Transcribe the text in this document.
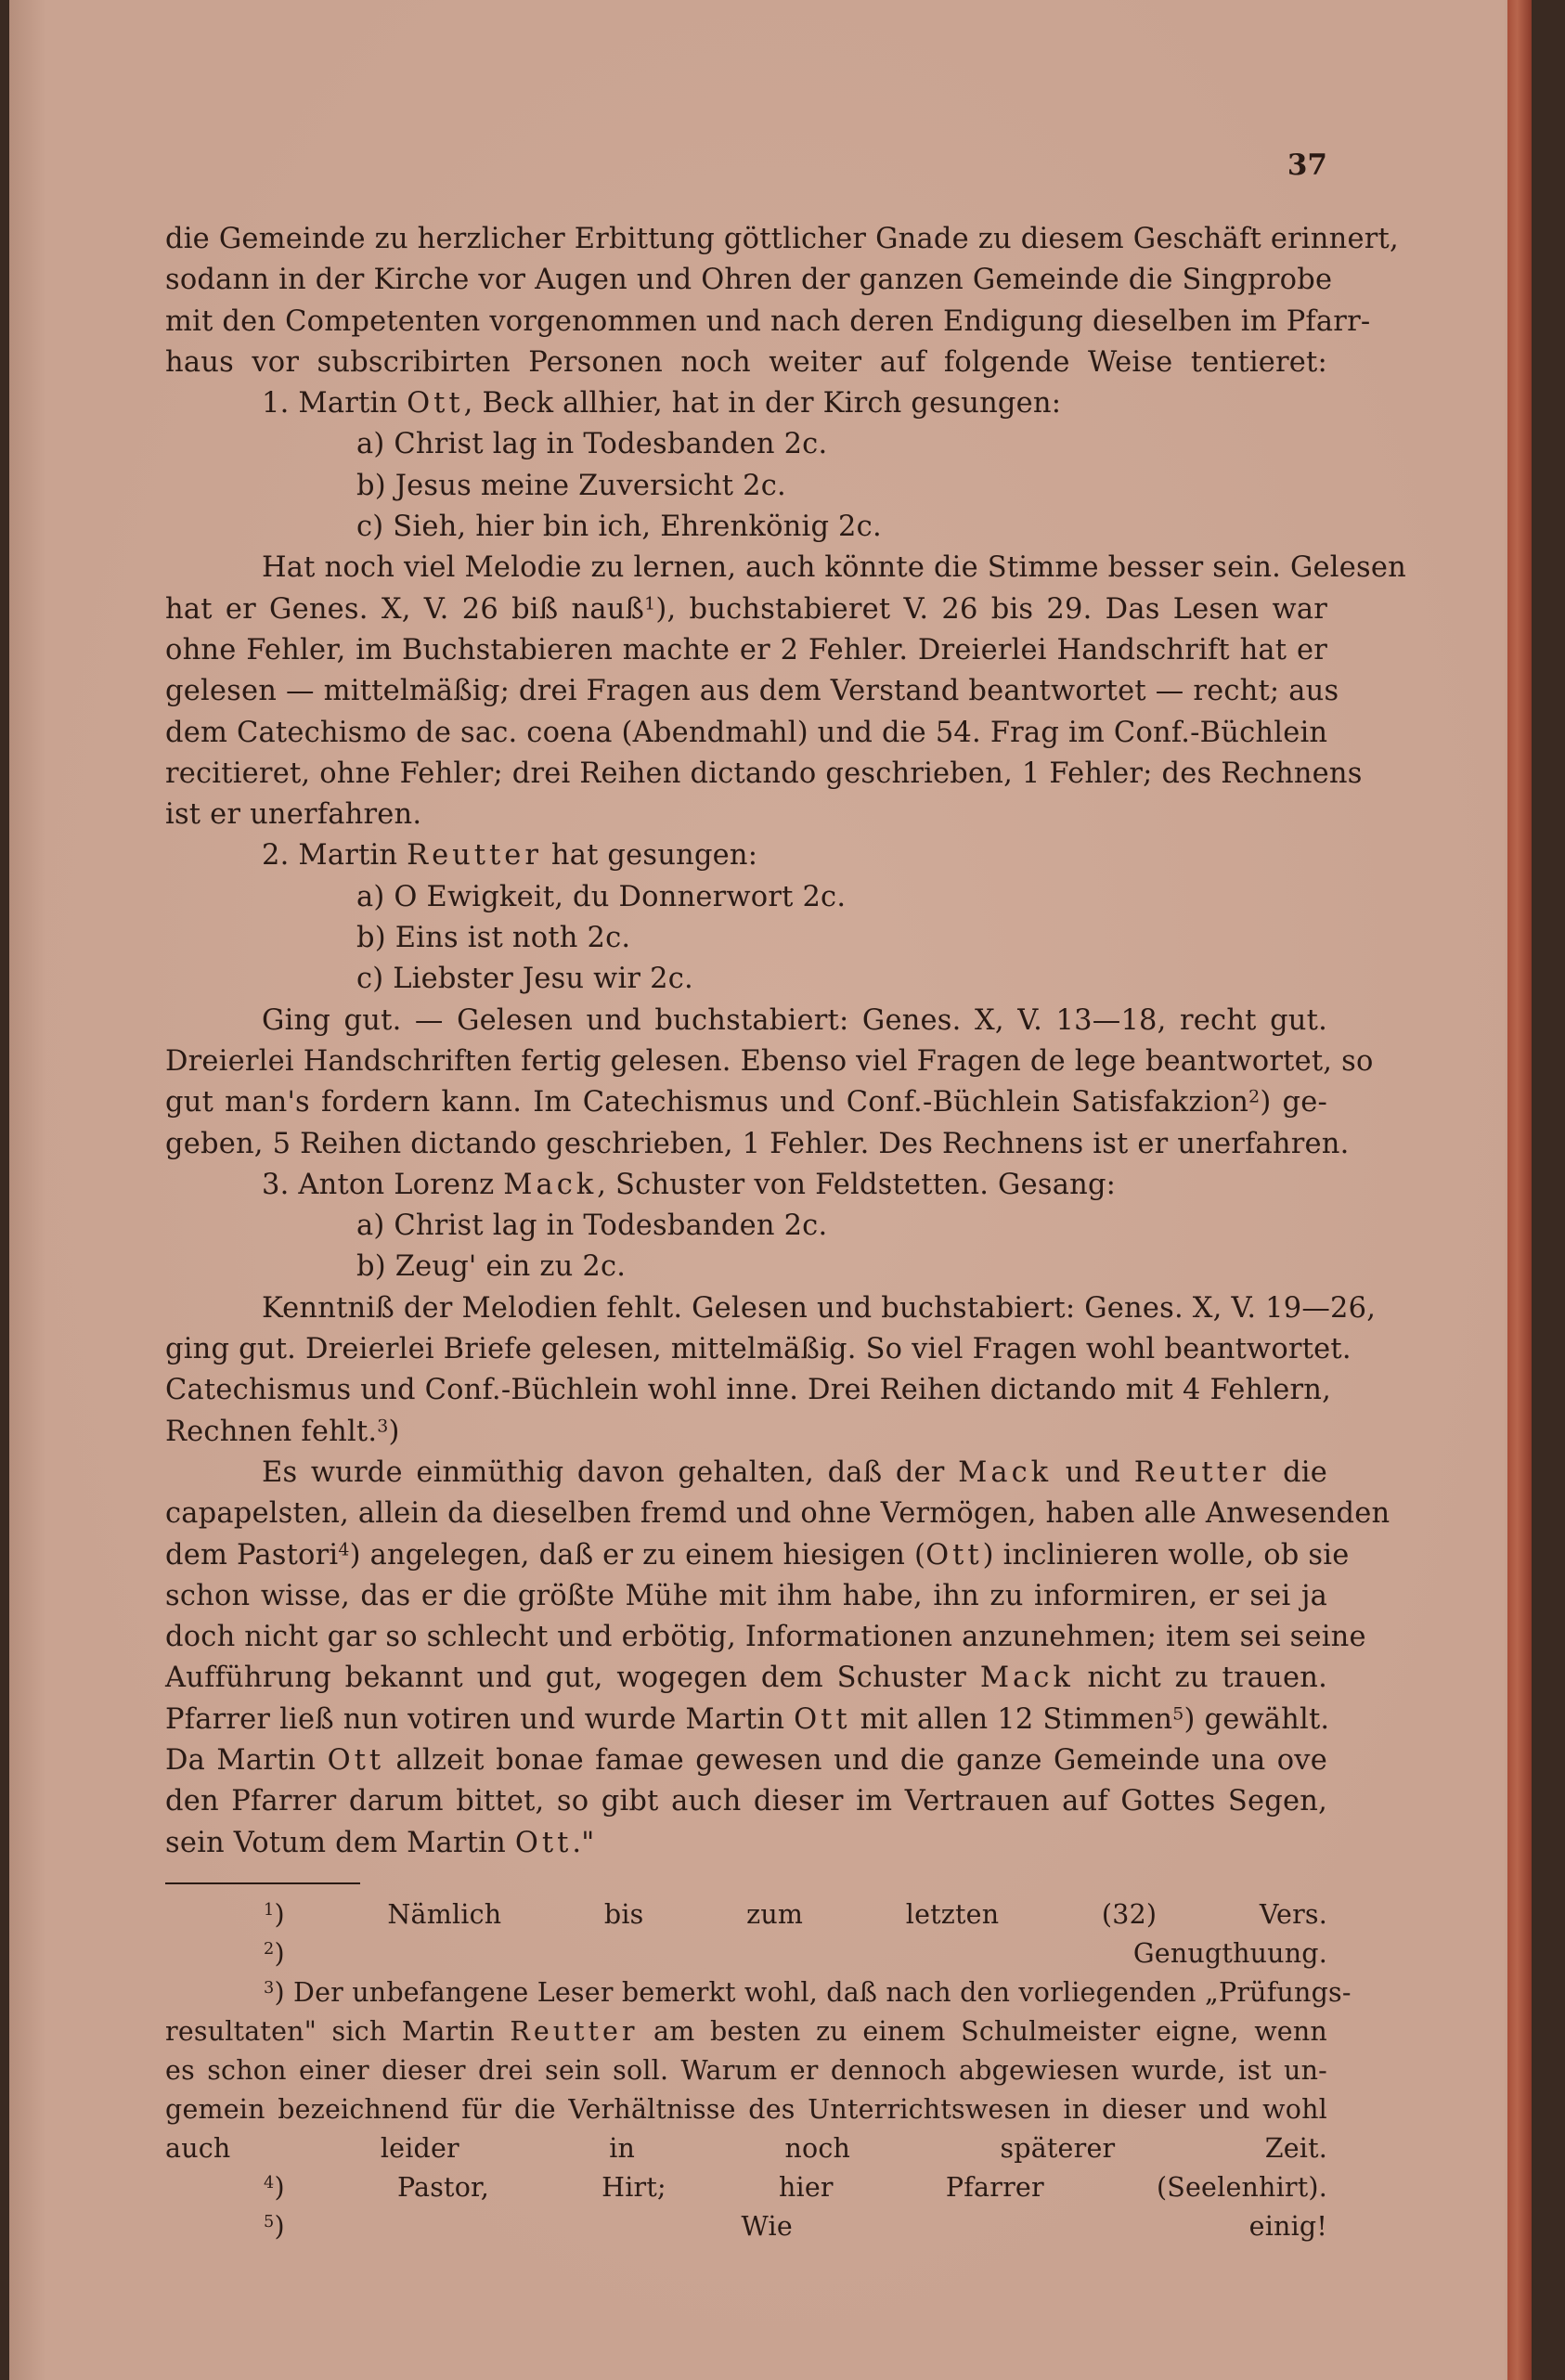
37
die Gemeinde zu herzlicher Erbittung göttlicher Gnade zu diesem Geschäft erinnert,
sodann in der Kirche vor Augen und Ohren der ganzen Gemeinde die Singprobe
mit den Competenten vorgenommen und nach deren Endigung dieselben im Pfarr-
haus vor subscribirten Personen noch weiter auf folgende Weise tentieret:
1. Martin Ott, Beck allhier, hat in der Kirch gesungen:
a) Christ lag in Todesbanden 2c.
b) Jesus meine Zuversicht 2c.
c) Sieh, hier bin ich, Ehrenkönig 2c.
Hat noch viel Melodie zu lernen, auch könnte die Stimme besser sein. Gelesen
hat er Genes. X, V. 26 biß nauß$^1$), buchstabieret V. 26 bis 29. Das Lesen war
ohne Fehler, im Buchstabieren machte er 2 Fehler. Dreierlei Handschrift hat er
gelesen — mittelmäßig; drei Fragen aus dem Verstand beantwortet — recht; aus
dem Catechismo de sac. coena (Abendmahl) und die 54. Frag im Conf.-Büchlein
recitieret, ohne Fehler; drei Reihen dictando geschrieben, 1 Fehler; des Rechnens
ist er unerfahren.
2. Martin Reutter hat gesungen:
a) O Ewigkeit, du Donnerwort 2c.
b) Eins ist noth 2c.
c) Liebster Jesu wir 2c.
Ging gut. — Gelesen und buchstabiert: Genes. X, V. 13—18, recht gut.
Dreierlei Handschriften fertig gelesen. Ebenso viel Fragen de lege beantwortet, so
gut man's fordern kann. Im Catechismus und Conf.-Büchlein Satisfakzion$^2$) ge-
geben, 5 Reihen dictando geschrieben, 1 Fehler. Des Rechnens ist er unerfahren.
3. Anton Lorenz Mack, Schuster von Feldstetten. Gesang:
a) Christ lag in Todesbanden 2c.
b) Zeug' ein zu 2c.
Kenntniß der Melodien fehlt. Gelesen und buchstabiert: Genes. X, V. 19—26,
ging gut. Dreierlei Briefe gelesen, mittelmäßig. So viel Fragen wohl beantwortet.
Catechismus und Conf.-Büchlein wohl inne. Drei Reihen dictando mit 4 Fehlern,
Rechnen fehlt.$^3$)
Es wurde einmüthig davon gehalten, daß der Mack und Reutter die
capapelsten, allein da dieselben fremd und ohne Vermögen, haben alle Anwesenden
dem Pastori$^4$) angelegen, daß er zu einem hiesigen (Ott) inclinieren wolle, ob sie
schon wisse, das er die größte Mühe mit ihm habe, ihn zu informiren, er sei ja
doch nicht gar so schlecht und erbötig, Informationen anzunehmen; item sei seine
Aufführung bekannt und gut, wogegen dem Schuster Mack nicht zu trauen.
Pfarrer ließ nun votiren und wurde Martin Ott mit allen 12 Stimmen$^5$) gewählt.
Da Martin Ott allzeit bonae famae gewesen und die ganze Gemeinde una ove
den Pfarrer darum bittet, so gibt auch dieser im Vertrauen auf Gottes Segen,
sein Votum dem Martin Ott."
$^1$) Nämlich bis zum letzten (32) Vers.
$^2$) Genugthuung.
$^3$) Der unbefangene Leser bemerkt wohl, daß nach den vorliegenden „Prüfungs-
resultaten" sich Martin Reutter am besten zu einem Schulmeister eigne, wenn
es schon einer dieser drei sein soll. Warum er dennoch abgewiesen wurde, ist un-
gemein bezeichnend für die Verhältnisse des Unterrichtswesen in dieser und wohl
auch leider in noch späterer Zeit.
$^4$) Pastor, Hirt; hier Pfarrer (Seelenhirt).
$^5$) Wie einig!
